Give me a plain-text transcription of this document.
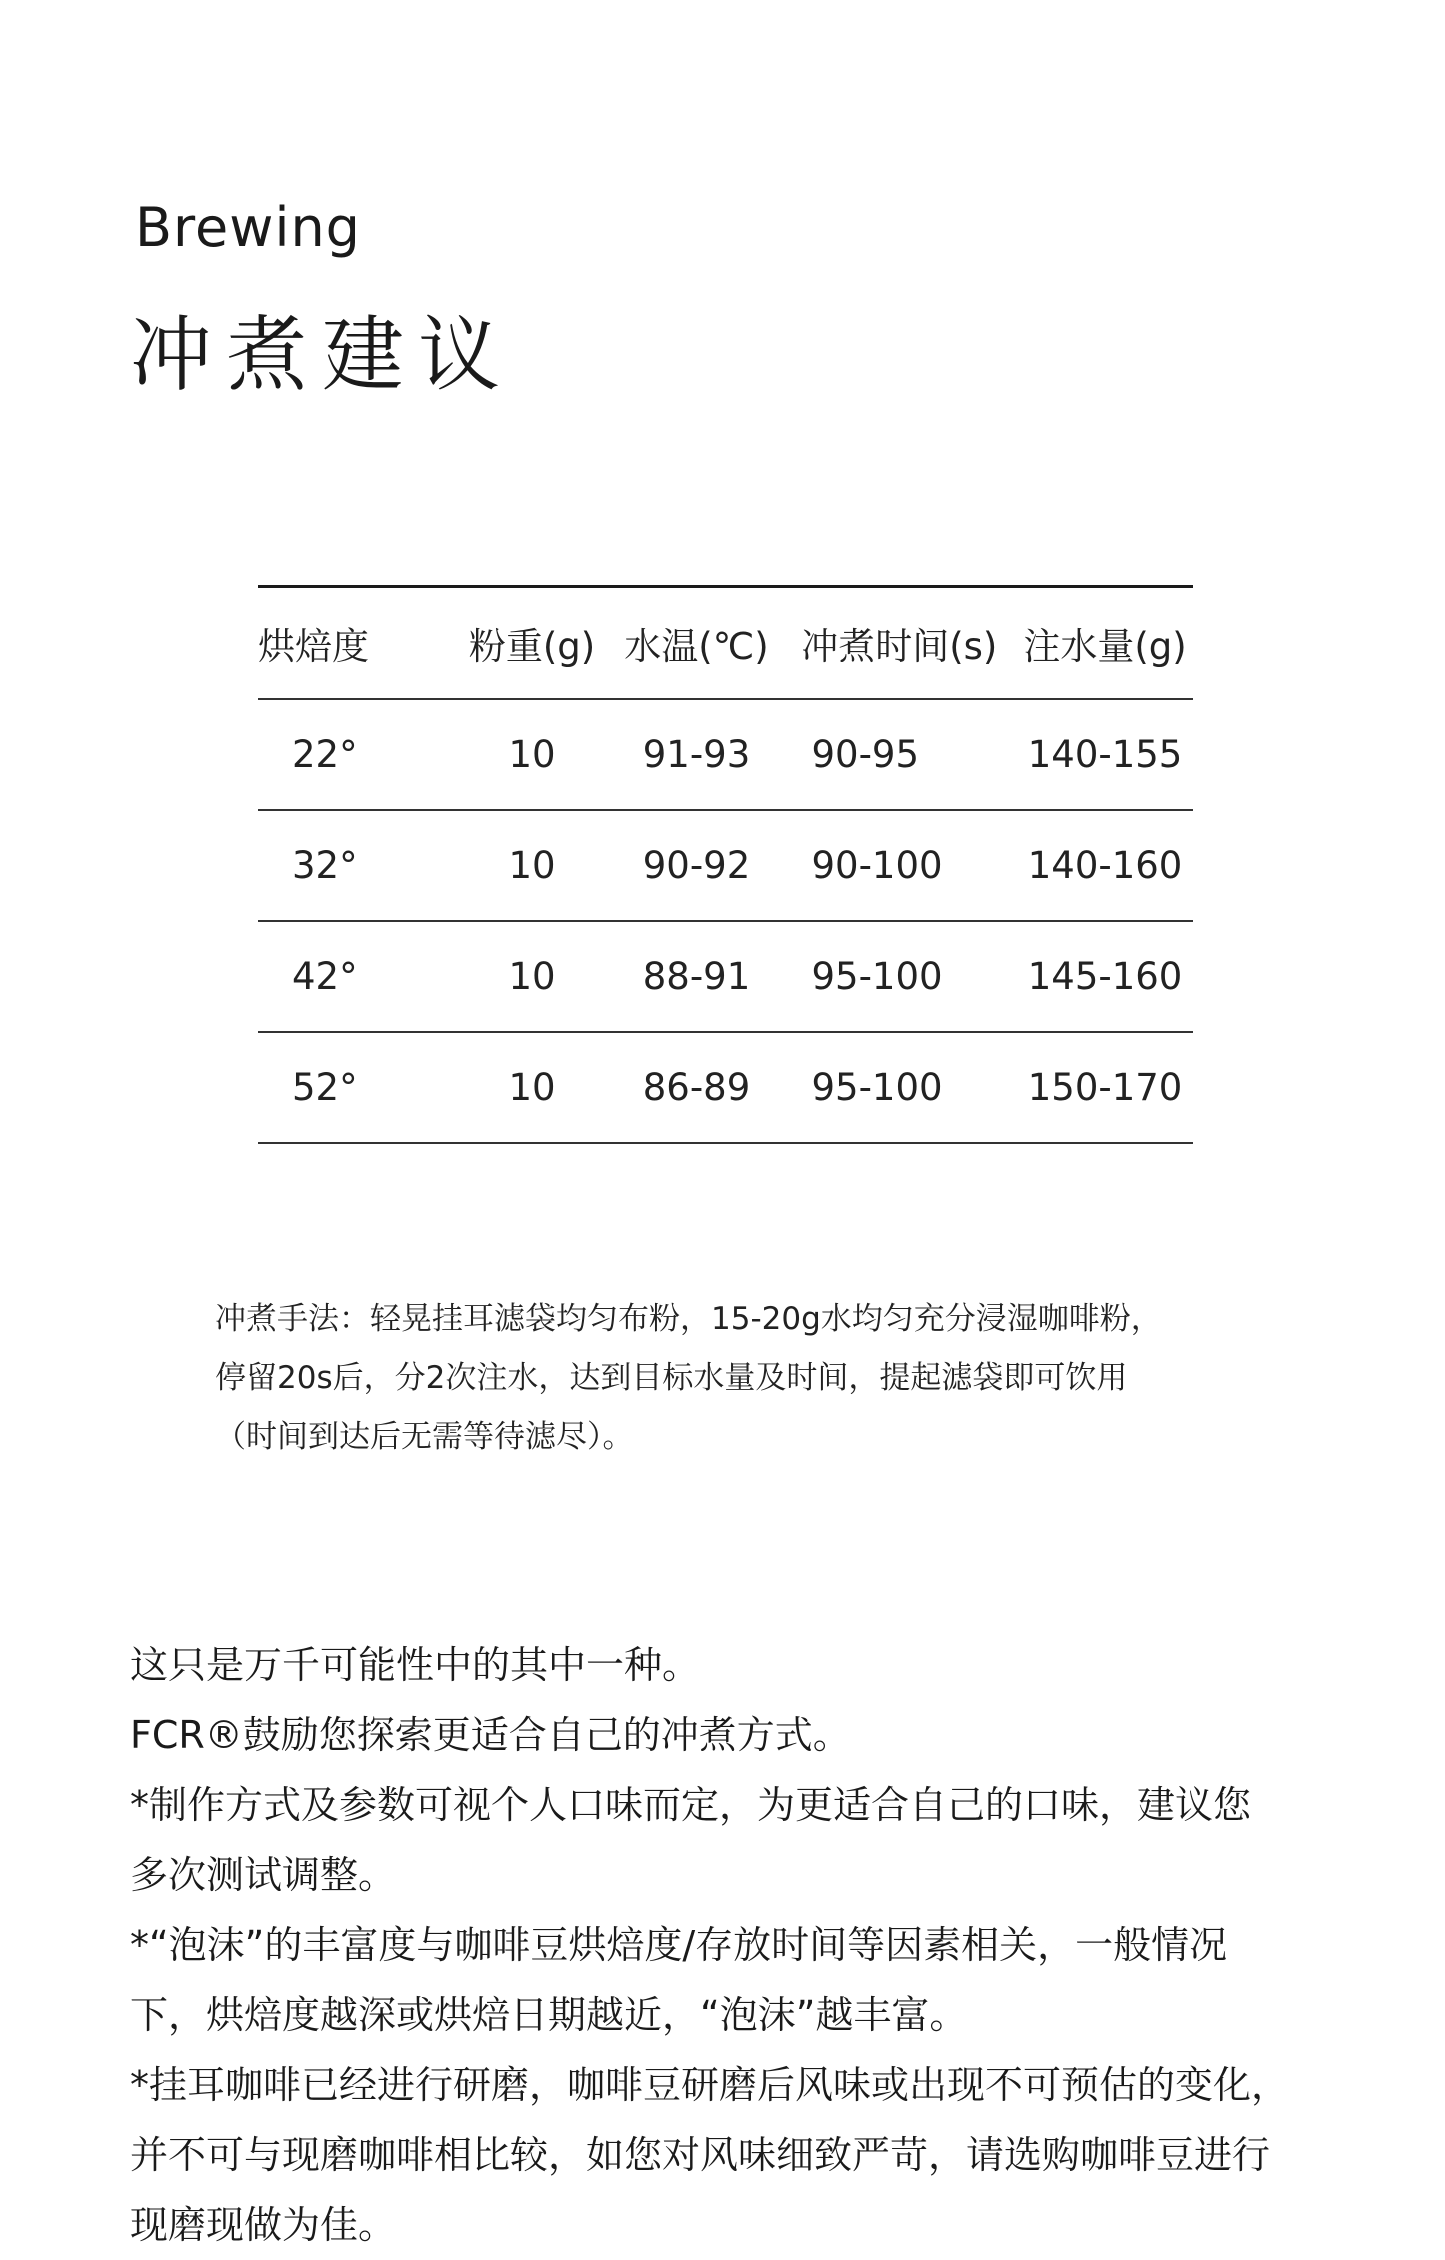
Brewing
冲煮建议
烘焙度	粉重(g)	水温(℃)	冲煮时间(s)	注水量(g)
22°	10	91-93	90-95	140-155
32°	10	90-92	90-100	140-160
42°	10	88-91	95-100	145-160
52°	10	86-89	95-100	150-170

冲煮手法：轻晃挂耳滤袋均匀布粉，15-20g水均匀充分浸湿咖啡粉，

停留20s后，分2次注水，达到目标水量及时间，提起滤袋即可饮用

（时间到达后无需等待滤尽）。

这只是万千可能性中的其中一种。

FCR®鼓励您探索更适合自己的冲煮方式。

*制作方式及参数可视个人口味而定，为更适合自己的口味，建议您

多次测试调整。

*“泡沫”的丰富度与咖啡豆烘焙度/存放时间等因素相关，一般情况

下，烘焙度越深或烘焙日期越近，“泡沫”越丰富。

*挂耳咖啡已经进行研磨，咖啡豆研磨后风味或出现不可预估的变化，

并不可与现磨咖啡相比较，如您对风味细致严苛，请选购咖啡豆进行

现磨现做为佳。
